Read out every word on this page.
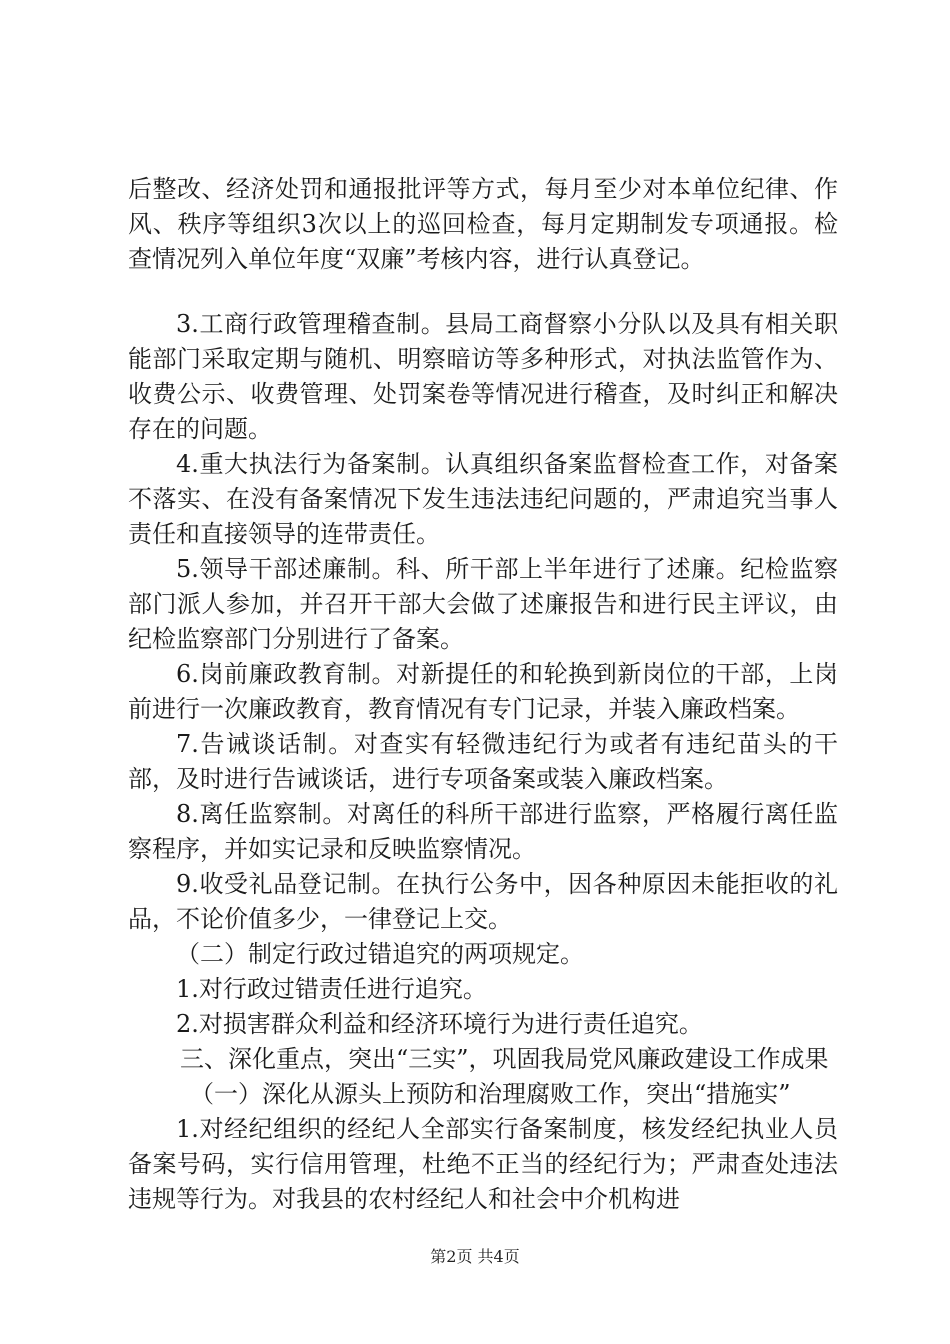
后整改、经济处罚和通报批评等方式，每月至少对本单位纪律、作风、秩序等组织3次以上的巡回检查，每月定期制发专项通报。检查情况列入单位年度“双廉”考核内容，进行认真登记。

3.工商行政管理稽查制。县局工商督察小分队以及具有相关职能部门采取定期与随机、明察暗访等多种形式，对执法监管作为、收费公示、收费管理、处罚案卷等情况进行稽查，及时纠正和解决存在的问题。

4.重大执法行为备案制。认真组织备案监督检查工作，对备案不落实、在没有备案情况下发生违法违纪问题的，严肃追究当事人责任和直接领导的连带责任。

5.领导干部述廉制。科、所干部上半年进行了述廉。纪检监察部门派人参加，并召开干部大会做了述廉报告和进行民主评议，由纪检监察部门分别进行了备案。

6.岗前廉政教育制。对新提任的和轮换到新岗位的干部，上岗前进行一次廉政教育，教育情况有专门记录，并装入廉政档案。

7.告诫谈话制。对查实有轻微违纪行为或者有违纪苗头的干部，及时进行告诫谈话，进行专项备案或装入廉政档案。

8.离任监察制。对离任的科所干部进行监察，严格履行离任监察程序，并如实记录和反映监察情况。

9.收受礼品登记制。在执行公务中，因各种原因未能拒收的礼品，不论价值多少，一律登记上交。

（二）制定行政过错追究的两项规定。

1.对行政过错责任进行追究。

2.对损害群众利益和经济环境行为进行责任追究。

三、深化重点，突出“三实”，巩固我局党风廉政建设工作成果

（一）深化从源头上预防和治理腐败工作，突出“措施实”

1.对经纪组织的经纪人全部实行备案制度，核发经纪执业人员备案号码，实行信用管理，杜绝不正当的经纪行为；严肃查处违法违规等行为。对我县的农村经纪人和社会中介机构进

第2页 共4页
